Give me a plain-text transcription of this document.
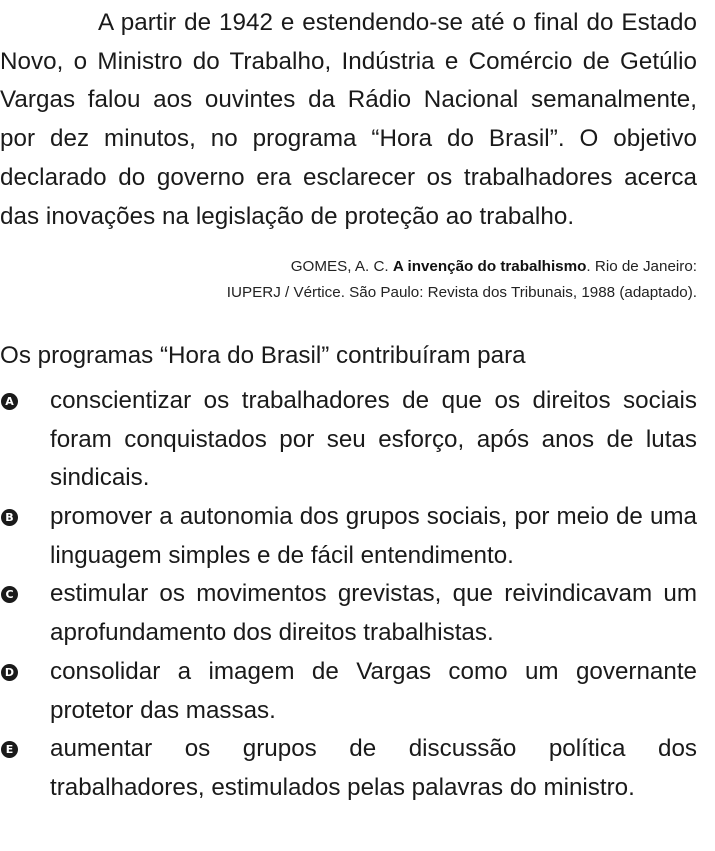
A partir de 1942 e estendendo-se até o final do Estado Novo, o Ministro do Trabalho, Indústria e Comércio de Getúlio Vargas falou aos ouvintes da Rádio Nacional semanalmente, por dez minutos, no programa “Hora do Brasil”. O objetivo declarado do governo era esclarecer os trabalhadores acerca das inovações na legislação de proteção ao trabalho.

GOMES, A. C. A invenção do trabalhismo. Rio de Janeiro:
IUPERJ / Vértice. São Paulo: Revista dos Tribunais, 1988 (adaptado).

Os programas “Hora do Brasil” contribuíram para

A conscientizar os trabalhadores de que os direitos sociais foram conquistados por seu esforço, após anos de lutas sindicais.
B promover a autonomia dos grupos sociais, por meio de uma linguagem simples e de fácil entendimento.
C estimular os movimentos grevistas, que reivindicavam um aprofundamento dos direitos trabalhistas.
D consolidar a imagem de Vargas como um governante protetor das massas.
E aumentar os grupos de discussão política dos trabalhadores, estimulados pelas palavras do ministro.
